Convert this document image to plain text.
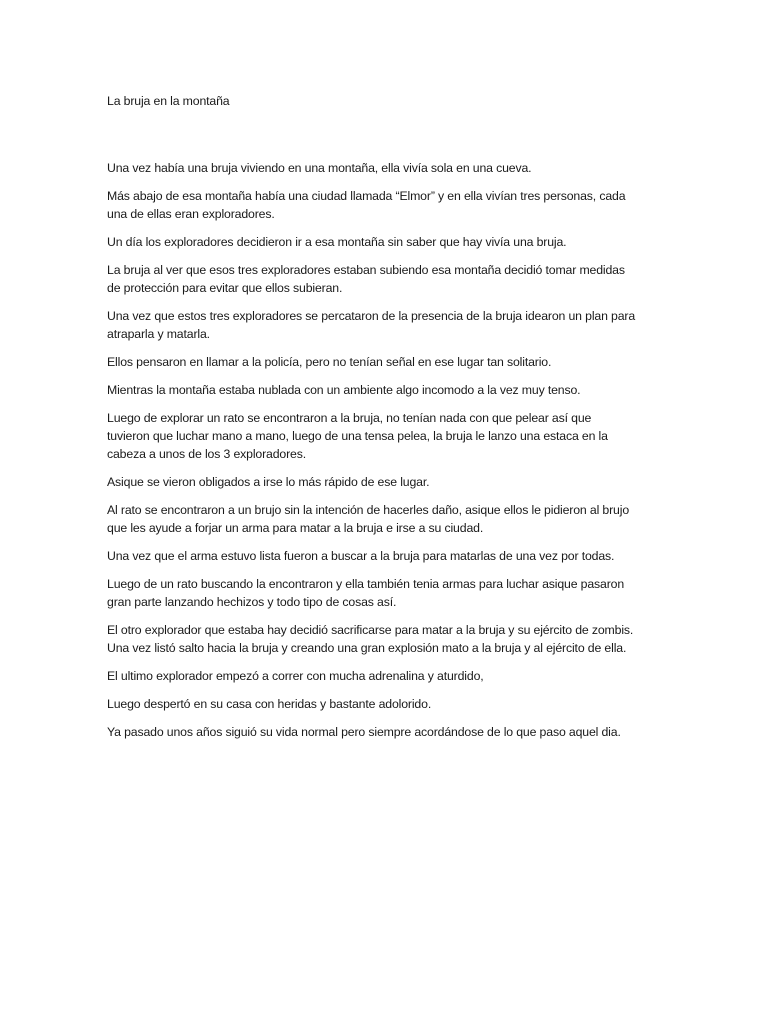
La bruja en la montaña

Una vez había una bruja viviendo en una montaña, ella vivía sola en una cueva.

Más abajo de esa montaña había una ciudad llamada “Elmor” y en ella vivían tres personas, cada
una de ellas eran exploradores.

Un día los exploradores decidieron ir a esa montaña sin saber que hay vivía una bruja.

La bruja al ver que esos tres exploradores estaban subiendo esa montaña decidió tomar medidas
de protección para evitar que ellos subieran.

Una vez que estos tres exploradores se percataron de la presencia de la bruja idearon un plan para
atraparla y matarla.

Ellos pensaron en llamar a la policía, pero no tenían señal en ese lugar tan solitario.

Mientras la montaña estaba nublada con un ambiente algo incomodo a la vez muy tenso.

Luego de explorar un rato se encontraron a la bruja, no tenían nada con que pelear así que
tuvieron que luchar mano a mano, luego de una tensa pelea, la bruja le lanzo una estaca en la
cabeza a unos de los 3 exploradores.

Asique se vieron obligados a irse lo más rápido de ese lugar.

Al rato se encontraron a un brujo sin la intención de hacerles daño, asique ellos le pidieron al brujo
que les ayude a forjar un arma para matar a la bruja e irse a su ciudad.

Una vez que el arma estuvo lista fueron a buscar a la bruja para matarlas de una vez por todas.

Luego de un rato buscando la encontraron y ella también tenia armas para luchar asique pasaron
gran parte lanzando hechizos y todo tipo de cosas así.

El otro explorador que estaba hay decidió sacrificarse para matar a la bruja y su ejército de zombis.
Una vez listó salto hacia la bruja y creando una gran explosión mato a la bruja y al ejército de ella.

El ultimo explorador empezó a correr con mucha adrenalina y aturdido,

Luego despertó en su casa con heridas y bastante adolorido.

Ya pasado unos años siguió su vida normal pero siempre acordándose de lo que paso aquel dia.
